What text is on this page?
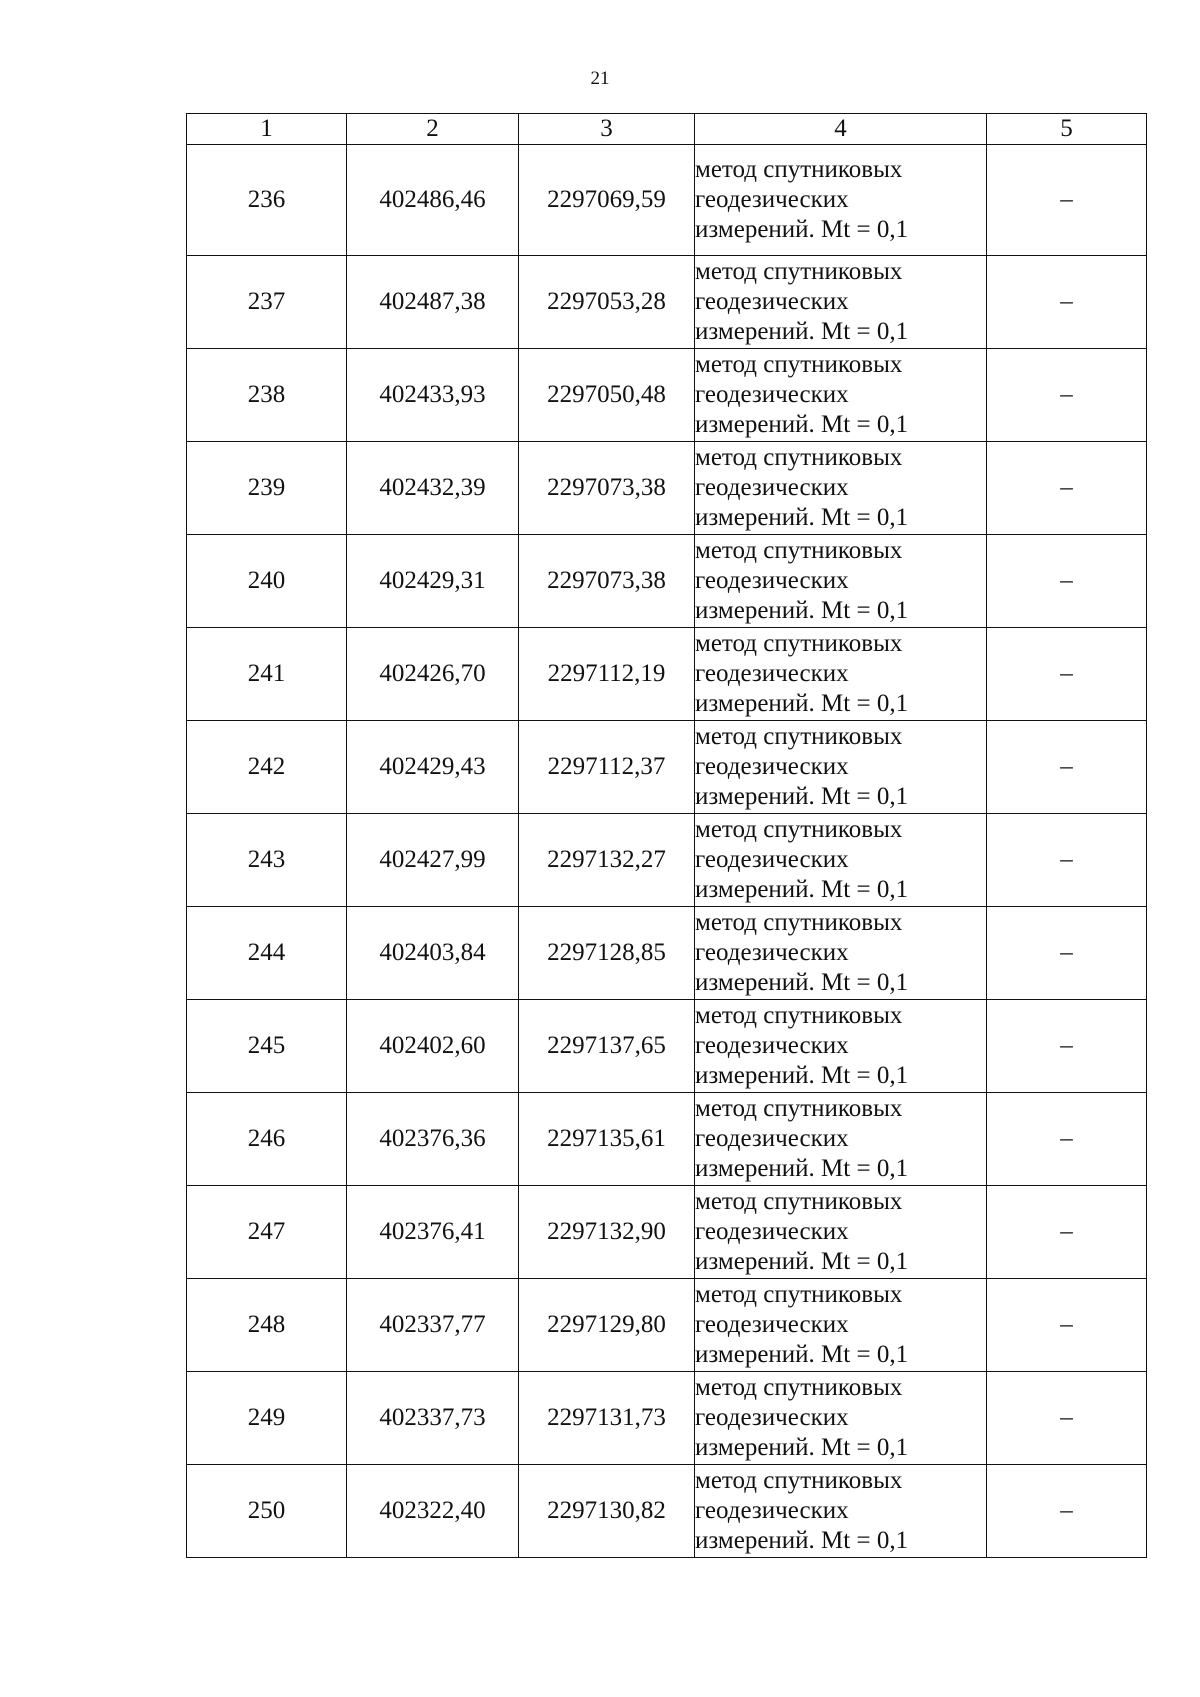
21
1	2	3	4	5
236	402486,46	2297069,59	метод спутниковых
геодезических
измерений. Mt = 0,1	–
237	402487,38	2297053,28	метод спутниковых
геодезических
измерений. Mt = 0,1	–
238	402433,93	2297050,48	метод спутниковых
геодезических
измерений. Mt = 0,1	–
239	402432,39	2297073,38	метод спутниковых
геодезических
измерений. Mt = 0,1	–
240	402429,31	2297073,38	метод спутниковых
геодезических
измерений. Mt = 0,1	–
241	402426,70	2297112,19	метод спутниковых
геодезических
измерений. Mt = 0,1	–
242	402429,43	2297112,37	метод спутниковых
геодезических
измерений. Mt = 0,1	–
243	402427,99	2297132,27	метод спутниковых
геодезических
измерений. Mt = 0,1	–
244	402403,84	2297128,85	метод спутниковых
геодезических
измерений. Mt = 0,1	–
245	402402,60	2297137,65	метод спутниковых
геодезических
измерений. Mt = 0,1	–
246	402376,36	2297135,61	метод спутниковых
геодезических
измерений. Mt = 0,1	–
247	402376,41	2297132,90	метод спутниковых
геодезических
измерений. Mt = 0,1	–
248	402337,77	2297129,80	метод спутниковых
геодезических
измерений. Mt = 0,1	–
249	402337,73	2297131,73	метод спутниковых
геодезических
измерений. Mt = 0,1	–
250	402322,40	2297130,82	метод спутниковых
геодезических
измерений. Mt = 0,1	–
